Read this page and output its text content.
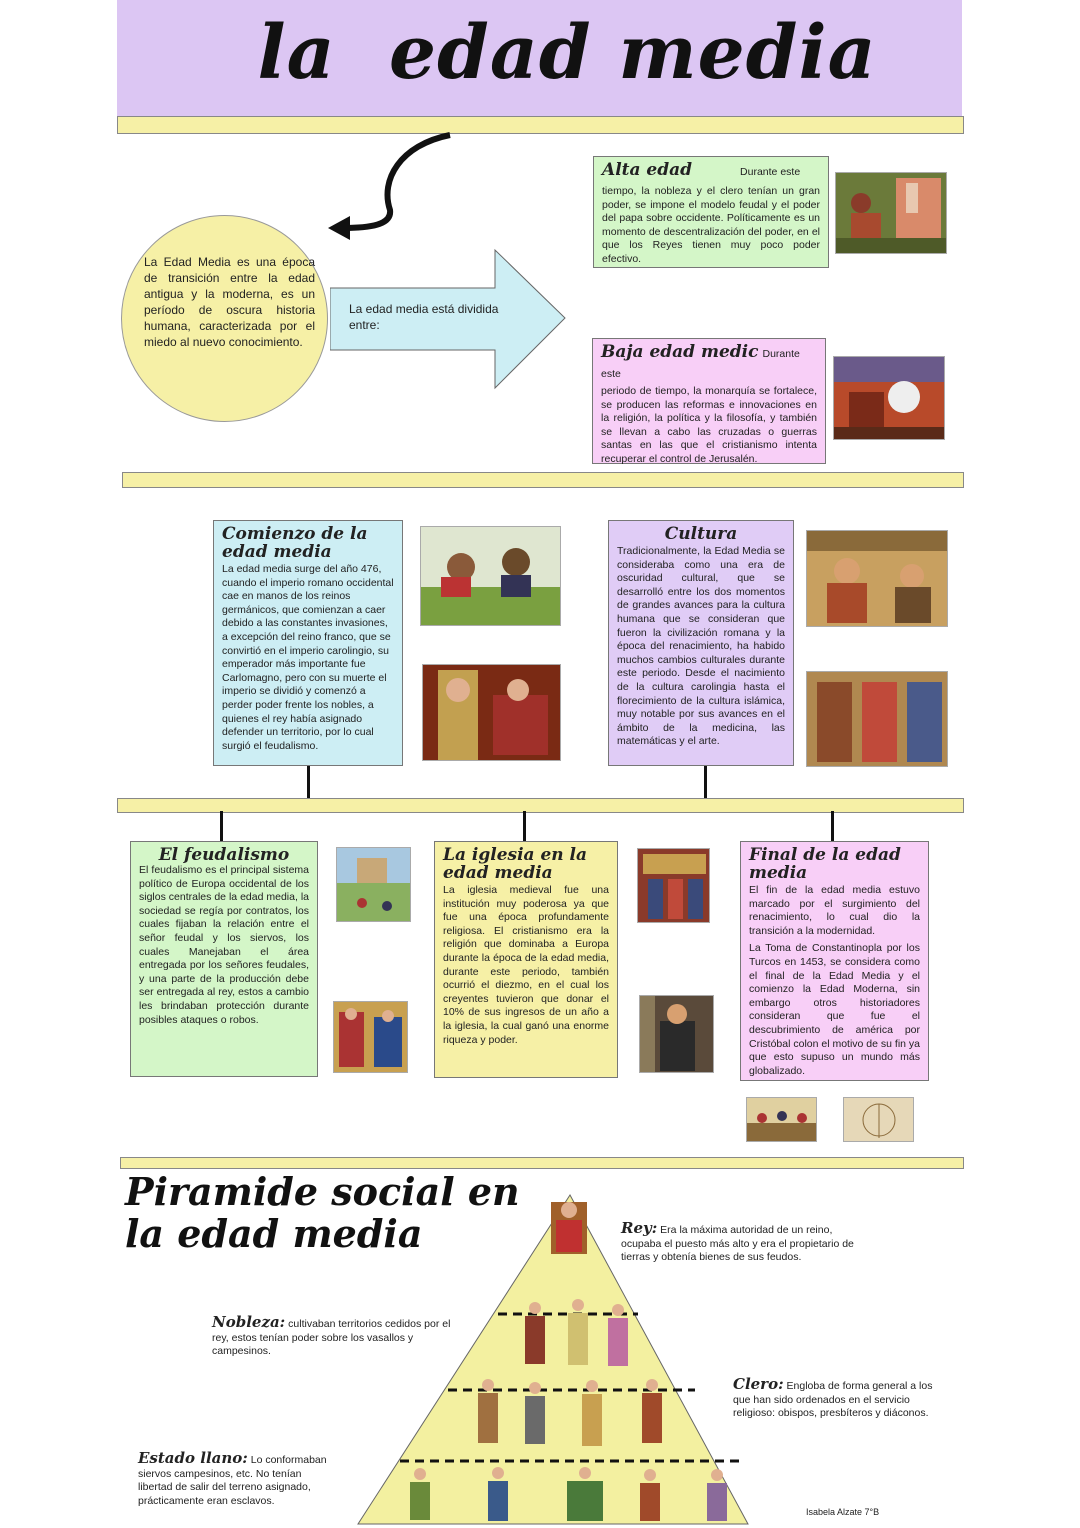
la  edad media
La Edad Media es una época de transición entre la edad antigua y la moderna, es un período de oscura historia humana, caracterizada por el miedo al nuevo conocimiento.
La edad media está dividida entre:
Alta edad	Durante este
tiempo, la nobleza y el clero tenían un gran poder, se impone el modelo feudal y el poder del papa sobre occidente. Políticamente es un momento de descentralización del poder, en el que los Reyes tienen muy poco poder efectivo.
Baja edad medic Durante este
periodo de tiempo, la monarquía se fortalece, se producen las reformas e innovaciones en la religión, la política y la filosofía, y también se llevan a cabo las cruzadas o guerras santas en las que el cristianismo intenta recuperar el control de Jerusalén.
Comienzo de la edad media
La edad media surge del año 476, cuando el imperio romano occidental cae en manos de los reinos germánicos, que comienzan a caer debido a las constantes invasiones, a excepción del reino franco, que se convirtió en el imperio carolingio, su emperador más importante fue Carlomagno, pero con su muerte el imperio se dividió y comenzó a perder poder frente los nobles, a quienes el rey había asignado defender un territorio, por lo cual surgió el feudalismo.
Cultura
Tradicionalmente, la Edad Media se consideraba como una era de oscuridad cultural, que se desarrolló entre los dos momentos de grandes avances para la cultura humana que se consideran que fueron la civilización romana y la época del renacimiento, ha habido muchos cambios culturales durante este periodo. Desde el nacimiento de la cultura carolingia hasta el florecimiento de la cultura islámica, muy notable por sus avances en el ámbito de la medicina, las matemáticas y el arte.
El feudalismo
El feudalismo es el principal sistema político de Europa occidental de los siglos centrales de la edad media, la sociedad se regía por contratos, los cuales fijaban la relación entre el señor feudal y los siervos, los cuales Manejaban el área entregada por los señores feudales, y una parte de la producción debe ser entregada al rey, estos a cambio les brindaban protección durante posibles ataques o robos.
La iglesia en la edad media
La iglesia medieval fue una institución muy poderosa ya que fue una época profundamente religiosa. El cristianismo era la religión que dominaba a Europa durante la época de la edad media, durante este periodo, también ocurrió el diezmo, en el cual los creyentes tuvieron que donar el 10% de sus ingresos de un año a la iglesia, la cual ganó una enorme riqueza y poder.
Final de la edad media
El fin de la edad media estuvo marcado por el surgimiento del renacimiento, lo cual dio la transición a la modernidad.
La Toma de Constantinopla por los Turcos en 1453, se considera como el final de la Edad Media y el comienzo la Edad Moderna, sin embargo otros historiadores consideran que fue el descubrimiento de américa por Cristóbal colon el motivo de su fin ya que esto supuso un mundo más globalizado.
Piramide social en
la edad media	Rey: Era la máxima autoridad de un reino, ocupaba el puesto más alto y era el propietario de tierras y obtenía bienes de sus feudos.
Nobleza: cultivaban territorios cedidos por el rey, estos tenían poder sobre los vasallos y campesinos.
Clero: Engloba de forma general a los que han sido ordenados en el servicio religioso: obispos, presbíteros y diáconos.
Estado llano: Lo conformaban siervos campesinos, etc. No tenían libertad de salir del terreno asignado, prácticamente eran esclavos.
Isabela Alzate 7°B
